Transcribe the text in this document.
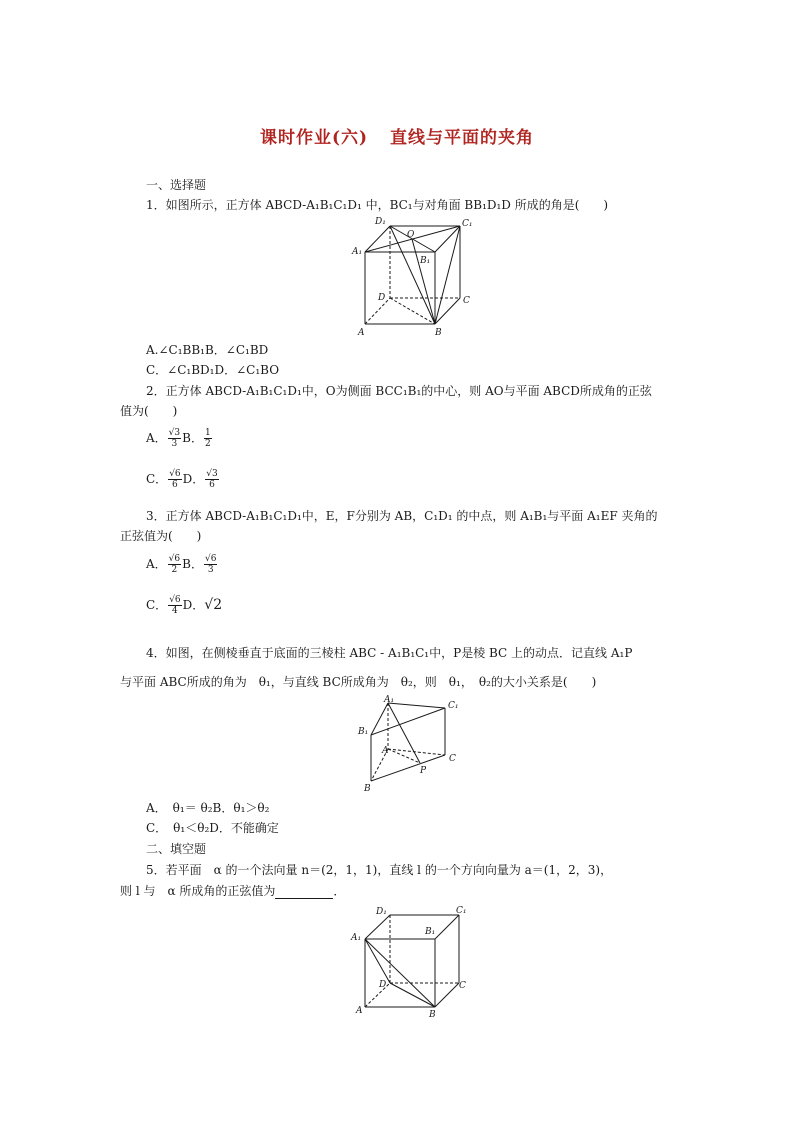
课时作业(六) 直线与平面的夹角
一、选择题
1．如图所示，正方体 ABCD-A₁B₁C₁D₁ 中，BC₁与对角面 BB₁D₁D 所成的角是(　　)
D₁	C₁
O
A₁
B₁
D	C
A	B
A.∠C₁BB₁B．∠C₁BD
C．∠C₁BD₁D．∠C₁BO
2．正方体 ABCD-A₁B₁C₁D₁中，O为侧面 BCC₁B₁的中心，则 AO与平面 ABCD所成角的正弦
值为(　　)
A． $\frac{√3}{3}$ B． $\frac{1}{2}$
C． $\frac{√6}{6}$ D． $\frac{√3}{6}$
3．正方体 ABCD-A₁B₁C₁D₁中，E，F分别为 AB，C₁D₁ 的中点，则 A₁B₁与平面 A₁EF 夹角的
正弦值为(　　)
A． $\frac{√6}{2}$ B． $\frac{√6}{3}$
C． $\frac{√6}{4}$ D．√2
4．如图，在侧棱垂直于底面的三棱柱 ABC - A₁B₁C₁中，P是棱 BC 上的动点．记直线 A₁P
与平面 ABC所成的角为　θ₁，与直线 BC所成角为　θ₂，则　θ₁，　θ₂的大小关系是(　　)
A₁
C₁
B₁
A
C
P
B
A．　θ₁＝ θ₂B．θ₁＞θ₂
C．　θ₁＜θ₂D．不能确定
二、填空题
5．若平面　α 的一个法向量 n＝(2，1，1)，直线 l 的一个方向向量为 a＝(1，2，3)，
则 l 与　α 所成角的正弦值为	．
D₁	C₁
A₁
B₁
D	C
A	B
